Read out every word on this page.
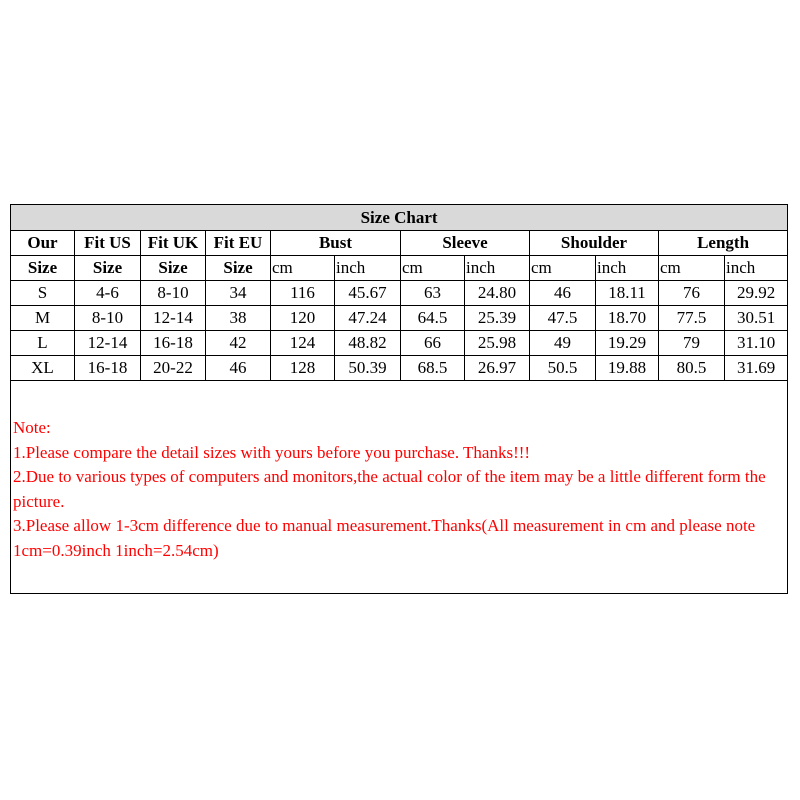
Size Chart											
Our	Fit US	Fit UK	Fit EU	Bust		Sleeve		Shoulder		Length	
Size	Size	Size	Size	cm	inch	cm	inch	cm	inch	cm	inch
S	4-6	8-10	34	116	45.67	63	24.80	46	18.11	76	29.92
M	8-10	12-14	38	120	47.24	64.5	25.39	47.5	18.70	77.5	30.51
L	12-14	16-18	42	124	48.82	66	25.98	49	19.29	79	31.10
XL	16-18	20-22	46	128	50.39	68.5	26.97	50.5	19.88	80.5	31.69
Note:
1.Please compare the detail sizes with yours before you purchase. Thanks!!!
2.Due to various types of computers and monitors,the actual color of the item may be a little different form the picture.
3.Please allow 1-3cm difference due to manual measurement.Thanks(All measurement in cm and please note 1cm=0.39inch 1inch=2.54cm)
